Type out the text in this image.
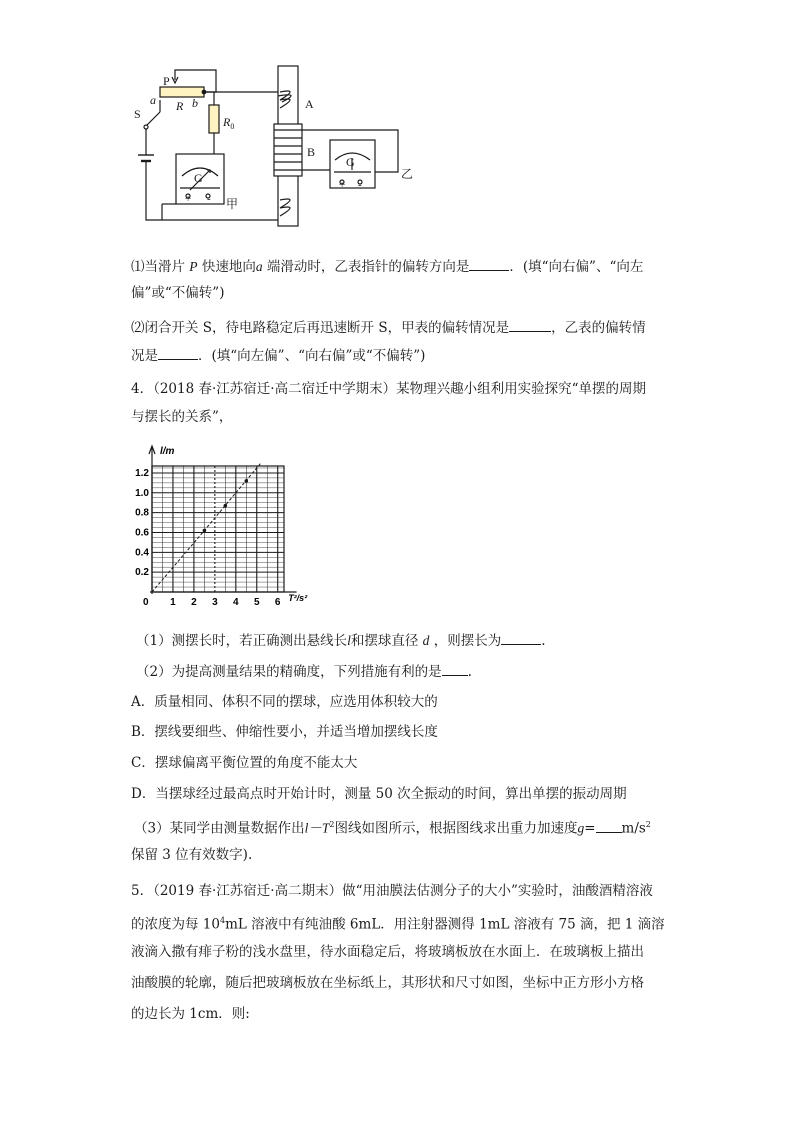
P
a R b
S
$R_0$
A
B
G
G
+ -
+ -
甲
乙
⑴当滑片 P 快速地向a 端滑动时，乙表指针的偏转方向是	．(填“向右偏”、“向左
偏”或“不偏转”)
⑵闭合开关 S，待电路稳定后再迅速断开 S，甲表的偏转情况是	，乙表的偏转情
况是	．(填“向左偏”、“向右偏”或“不偏转”)
4．（2018 春·江苏宿迁·高二宿迁中学期末）某物理兴趣小组利用实验探究“单摆的周期
与摆长的关系”，
1 2 3 4 5 6
0.2
0.4
0.6
0.8
1.0
1.2
0
l/m
T²/s²
（1）测摆长时，若正确测出悬线长l和摆球直径 d ，则摆长为	.
（2）为提高测量结果的精确度，下列措施有利的是 .
A．质量相同、体积不同的摆球，应选用体积较大的
B．摆线要细些、伸缩性要小，并适当增加摆线长度
C．摆球偏离平衡位置的角度不能太大
D．当摆球经过最高点时开始计时，测量 50 次全振动的时间，算出单摆的振动周期
（3）某同学由测量数据作出$l-T^2$图线如图所示，根据图线求出重力加速度$g= m/s^2$
保留 3 位有效数字).
5．（2019 春·江苏宿迁·高二期末）做“用油膜法估测分子的大小”实验时，油酸酒精溶液
的浓度为每 $10^4mL$ 溶液中有纯油酸 6mL．用注射器测得 1mL 溶液有 75 滴，把 1 滴溶
液滴入撒有痱子粉的浅水盘里，待水面稳定后，将玻璃板放在水面上．在玻璃板上描出
油酸膜的轮廓，随后把玻璃板放在坐标纸上，其形状和尺寸如图，坐标中正方形小方格
的边长为 1cm．则:
